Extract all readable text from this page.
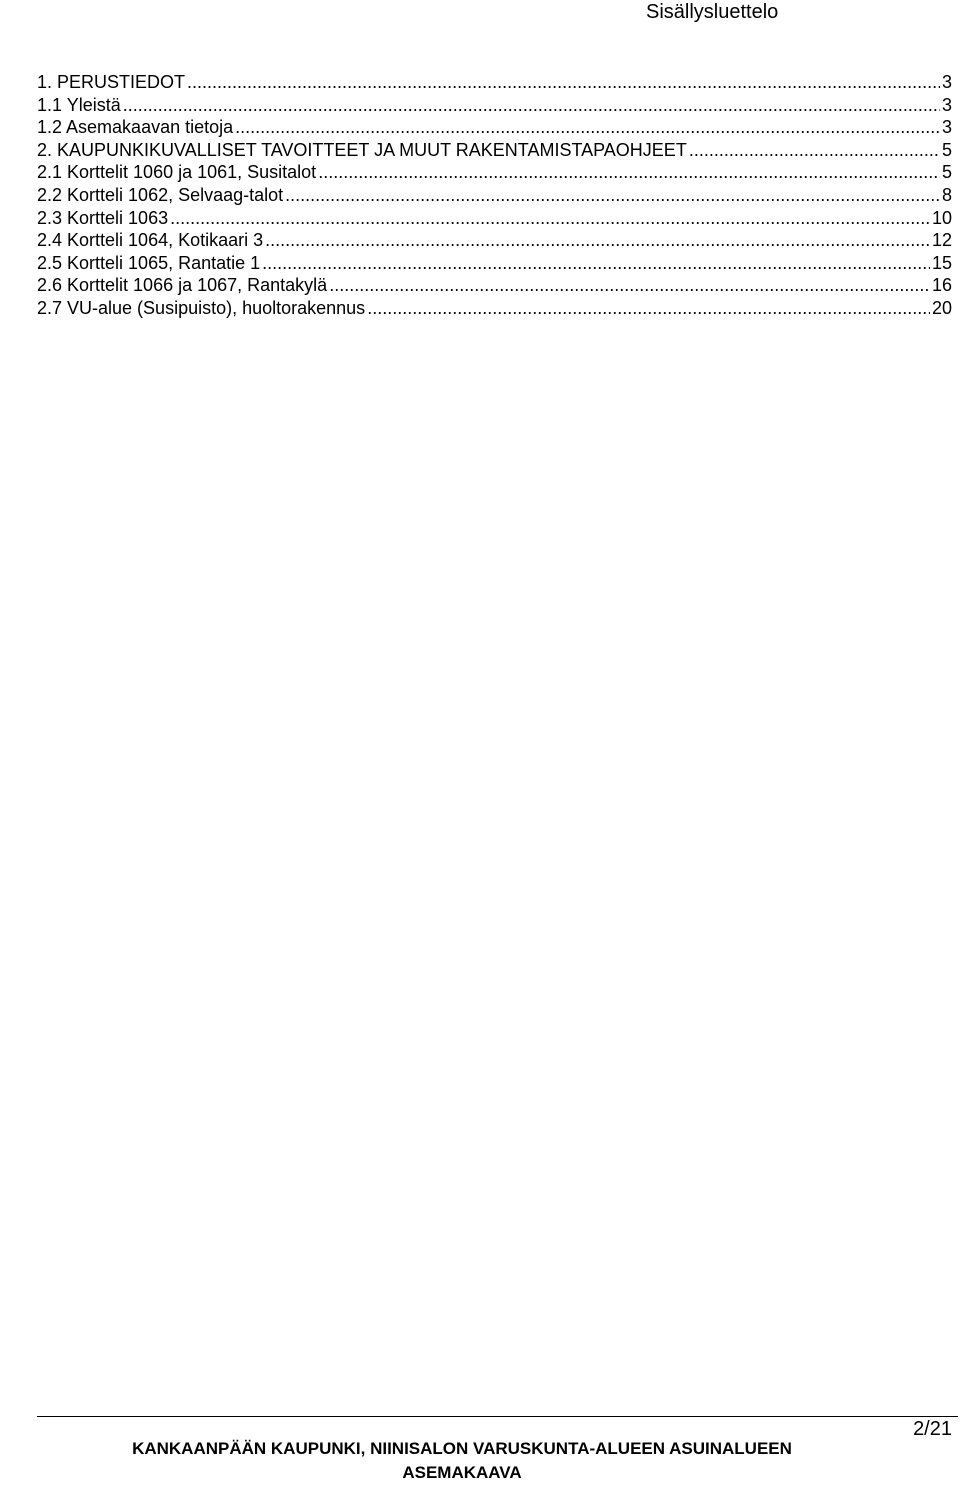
Sisällysluettelo
1. PERUSTIEDOT .....	3
1.1 Yleistä .....	3
1.2 Asemakaavan tietoja .....	3
2. KAUPUNKIKUVALLISET TAVOITTEET JA MUUT RAKENTAMISTAPAOHJEET .....	5
2.1 Korttelit 1060 ja 1061, Susitalot .....	5
2.2 Kortteli 1062, Selvaag-talot .....	8
2.3 Kortteli 1063 .....	10
2.4 Kortteli 1064, Kotikaari 3 .....	12
2.5 Kortteli 1065, Rantatie 1 .....	15
2.6 Korttelit 1066 ja 1067, Rantakylä .....	16
2.7 VU-alue (Susipuisto), huoltorakennus .....	20
2/21
KANKAANPÄÄN KAUPUNKI, NIINISALON VARUSKUNTA-ALUEEN ASUINALUEEN ASEMAKAAVA
